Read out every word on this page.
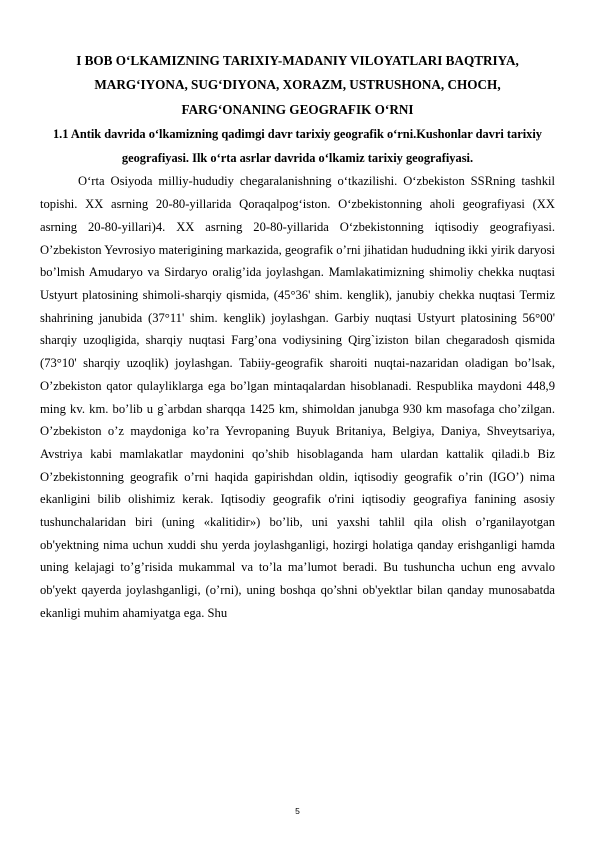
I BOB O‘LKAMIZNING TARIXIY-MADANIY VILOYATLARI BAQTRIYA, MARG‘IYONA, SUG‘DIYONA, XORAZM, USTRUSHONA, CHOCH, FARG‘ONANING GEOGRAFIK O‘RNI

1.1 Antik davrida o‘lkamizning qadimgi davr tarixiy geografik o‘rni.Kushonlar davri tarixiy geografiyasi. Ilk o‘rta asrlar davrida o‘lkamiz tarixiy geografiyasi.

O‘rta Osiyoda milliy-hududiy chegaralanishning o‘tkazilishi. O‘zbekiston SSRning tashkil topishi. XX asrning 20-80-yillarida Qoraqalpog‘iston. O‘zbekistonning aholi geografiyasi (XX asrning 20-80-yillari)4. XX asrning 20-80-yillarida O‘zbekistonning iqtisodiy geografiyasi. O’zbekiston Yevrosiyo materigining markazida, geografik o’rni jihatidan hududning ikki yirik daryosi bo’lmish Amudaryo va Sirdaryo oralig’ida joylashgan. Mamlakatimizning shimoliy chekka nuqtasi Ustyurt platosining shimoli-sharqiy qismida, (45°36' shim. kenglik), janubiy chekka nuqtasi Termiz shahrining janubida (37°11' shim. kenglik) joylashgan. Garbiy nuqtasi Ustyurt platosining 56°00' sharqiy uzoqligida, sharqiy nuqtasi Farg’ona vodiysining Qirg`iziston bilan chegaradosh qismida (73°10' sharqiy uzoqlik) joylashgan. Tabiiy-geografik sharoiti nuqtai-nazaridan oladigan bo’lsak, O’zbekiston qator qulayliklarga ega bo’lgan mintaqalardan hisoblanadi. Respublika maydoni 448,9 ming kv. km. bo’lib u g`arbdan sharqqa 1425 km, shimoldan janubga 930 km masofaga cho’zilgan. O’zbekiston o’z maydoniga ko’ra Yevropaning Buyuk Britaniya, Belgiya, Daniya, Shveytsariya, Avstriya kabi mamlakatlar maydonini qo’shib hisoblaganda ham ulardan kattalik qiladi.b Biz O’zbekistonning geografik o’rni haqida gapirishdan oldin, iqtisodiy geografik o’rin (IGO’) nima ekanligini bilib olishimiz kerak. Iqtisodiy geografik o'rini iqtisodiy geografiya fanining asosiy tushunchalaridan biri (uning «kalitidir») bo’lib, uni yaxshi tahlil qila olish o’rganilayotgan ob'yektning nima uchun xuddi shu yerda joylashganligi, hozirgi holatiga qanday erishganligi hamda uning kelajagi to’g’risida mukammal va to’la ma’lumot beradi. Bu tushuncha uchun eng avvalo ob'yekt qayerda joylashganligi, (o’rni), uning boshqa qo’shni ob'yektlar bilan qanday munosabatda ekanligi muhim ahamiyatga ega. Shu

5
